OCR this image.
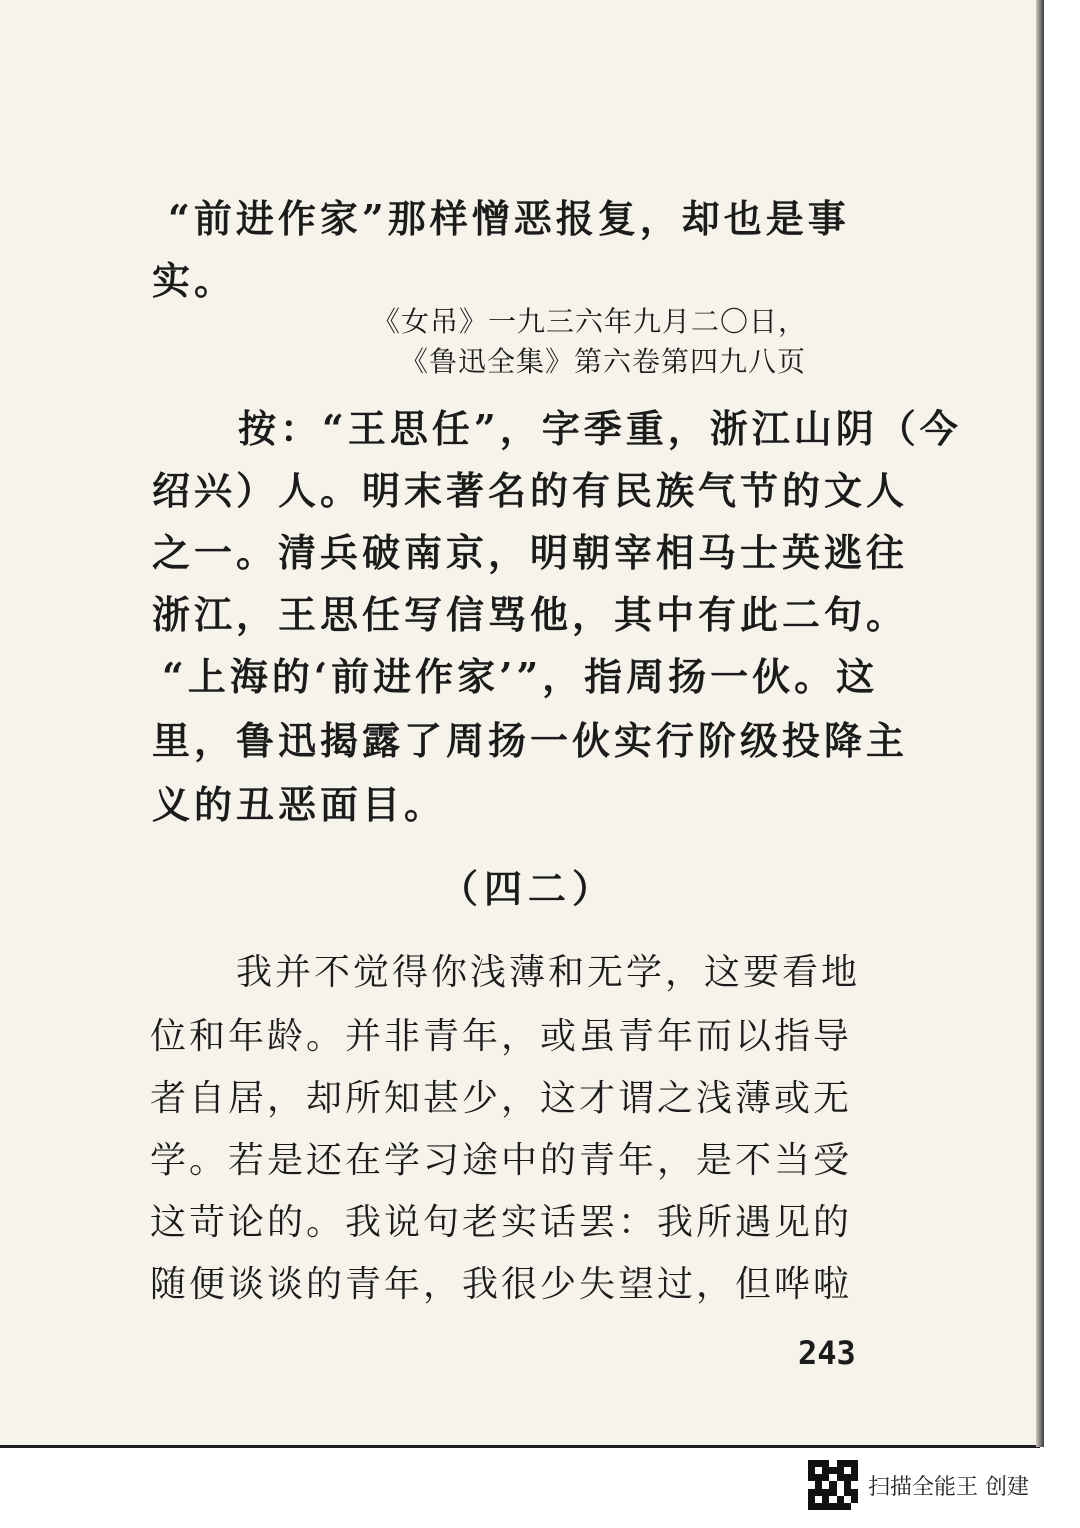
“前进作家”那样憎恶报复，却也是事
实。
《女吊》一九三六年九月二〇日，
《鲁迅全集》第六卷第四九八页
按：“王思任”，字季重，浙江山阴（今
绍兴）人。明末著名的有民族气节的文人
之一。清兵破南京，明朝宰相马士英逃往
浙江，王思任写信骂他，其中有此二句。
“上海的‘前进作家’”，指周扬一伙。这
里，鲁迅揭露了周扬一伙实行阶级投降主
义的丑恶面目。
（四二）
我并不觉得你浅薄和无学，这要看地
位和年龄。并非青年，或虽青年而以指导
者自居，却所知甚少，这才谓之浅薄或无
学。若是还在学习途中的青年，是不当受
这苛论的。我说句老实话罢：我所遇见的
随便谈谈的青年，我很少失望过，但哗啦
243
扫描全能王 创建
